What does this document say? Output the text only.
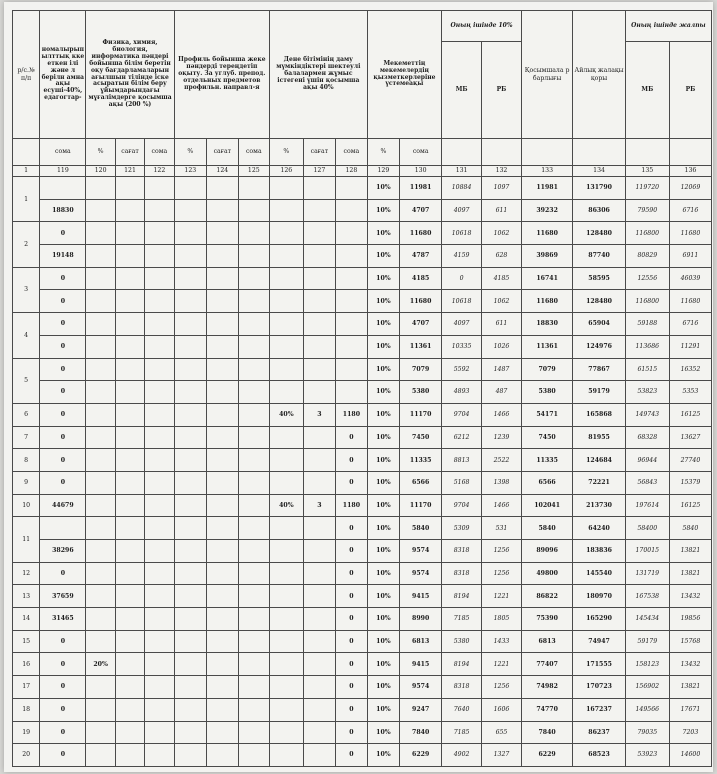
р/с.№ п/п	номалырып ылттық кке еткен ілі және л берілн амна ақы есуші-40%, едагогтар-	Физика, химия, биология, информатика пәндері бойынша білім беретін оқу бағдарламаларын ағылшын тілінде іске асыратын білім беру ұйымдарындағы мұғалімдерге қосымша ақы (200 %)			Профиль бойынша жеке пәндерді тереңдетіп оқыту. За углуб. препод. отдельных предметов профильн. направл-я			Дене бітімінің даму мүмкіндіктері шектеулі балалармен жұмыс істегені үшін қосымша ақы 40%			Мекеметтің мекемелердің қызметкерлеріне үстемеақы		Оның ішінде 10%		Қосымшала р барлығы	Айлық жалақы қоры	Оның ішінде жалпы	
													МБ	РБ			МБ	РБ
	сома	%	сағат	сома	%	сағат	сома	%	сағат	сома	%	сома						
1	119	120	121	122	123	124	125	126	127	128	129	130	131	132	133	134	135	136
1											10%	11981	10884	1097	11981	131790	119720	12069
	18830										10%	4707	4097	611	39232	86306	79590	6716
2	0										10%	11680	10618	1062	11680	128480	116800	11680
	19148										10%	4787	4159	628	39869	87740	80829	6911
3	0										10%	4185	0	4185	16741	58595	12556	46039
	0										10%	11680	10618	1062	11680	128480	116800	11680
4	0										10%	4707	4097	611	18830	65904	59188	6716
	0										10%	11361	10335	1026	11361	124976	113686	11291
5	0										10%	7079	5592	1487	7079	77867	61515	16352
	0										10%	5380	4893	487	5380	59179	53823	5353
6	0							40%	3	1180	10%	11170	9704	1466	54171	165868	149743	16125
7	0									0	10%	7450	6212	1239	7450	81955	68328	13627
8	0									0	10%	11335	8813	2522	11335	124684	96944	27740
9	0									0	10%	6566	5168	1398	6566	72221	56843	15379
10	44679							40%	3	1180	10%	11170	9704	1466	102041	213730	197614	16125
11										0	10%	5840	5309	531	5840	64240	58400	5840
	38296									0	10%	9574	8318	1256	89096	183836	170015	13821
12	0									0	10%	9574	8318	1256	49800	145540	131719	13821
13	37659									0	10%	9415	8194	1221	86822	180970	167538	13432
14	31465									0	10%	8990	7185	1805	75390	165290	145434	19856
15	0									0	10%	6813	5380	1433	6813	74947	59179	15768
16	0	20%								0	10%	9415	8194	1221	77407	171555	158123	13432
17	0									0	10%	9574	8318	1256	74982	170723	156902	13821
18	0									0	10%	9247	7640	1606	74770	167237	149566	17671
19	0									0	10%	7840	7185	655	7840	86237	79035	7203
20	0									0	10%	6229	4902	1327	6229	68523	53923	14600
